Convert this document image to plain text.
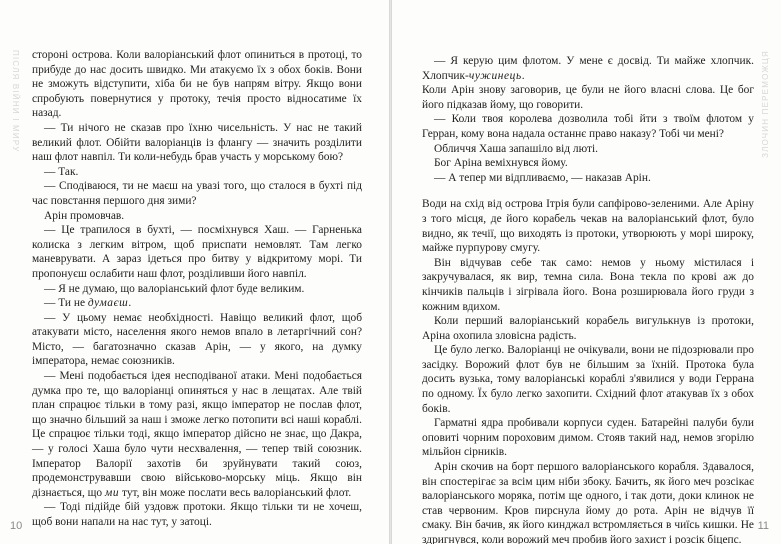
ПІСЛЯ ВІЙНИ І МИРУ стороні острова. Коли валоріанський флот опиниться в протоці, то прибуде до нас досить швидко. Ми атакуємо їх з обох боків. Вони не зможуть відступити, хіба би не був напрям вітру. Якщо вони спробують повернутися у протоку, течія просто відносатиме їх назад.

— Ти нічого не сказав про їхню чисельність. У нас не такий великий флот. Обійти валоріанців із флангу — значить розділити наш флот навпіл. Ти коли-небудь брав участь у морському бою?

— Так.

— Сподіваюся, ти не маєш на увазі того, що сталося в бухті під час повстання першого дня зими?

Арін промовчав.

— Це трапилося в бухті, — посміхнувся Хаш. — Гарненька колиска з легким вітром, щоб приспати немовлят. Там легко маневрувати. А зараз ідеться про битву у відкритому морі. Ти пропонуєш ослабити наш флот, розділивши його навпіл.

— Я не думаю, що валоріанський флот буде великим.

— Ти не думаєш.

— У цьому немає необхідності. Навіщо великий флот, щоб атакувати місто, населення якого немов впало в летаргічний сон? Місто, — багатозначно сказав Арін, — у якого, на думку імператора, немає союзників.

— Мені подобається ідея несподіваної атаки. Мені подобається думка про те, що валоріанці опиняться у нас в лещатах. Але твій план спрацює тільки в тому разі, якщо імператор не послав флот, що значно більший за наш і зможе легко потопити всі наші кораблі. Це спрацює тільки тоді, якщо імператор дійсно не знає, що Дакра, — у голосі Хаша було чути несхвалення, — тепер твій союзник. Імператор Валорії захотів би зруйнувати такий союз, продемонструвавши свою військово-морську міць. Якщо він дізнається, що ми тут, він може послати весь валоріанський флот.

— Тоді підійде бій уздовж протоки. Якщо тільки ти не хочеш, щоб вони напали на нас тут, у затоці.

10
ЗЛОЧИН ПЕРЕМОЖЦЯ

— Я керую цим флотом. У мене є досвід. Ти майже хлопчик. Хлопчик-чужинець.

Коли Арін знову заговорив, це були не його власні слова. Це бог його підказав йому, що говорити.

— Коли твоя королева дозволила тобі йти з твоїм флотом у Герран, кому вона надала останнє право наказу? Тобі чи мені?

Обличчя Хаша запашіло від люті.

Бог Аріна веміхнувся йому.

— А тепер ми відпливаємо, — наказав Арін.

Води на схід від острова Ітрія були сапфірово-зеленими. Але Аріну з того місця, де його корабель чекав на валоріанський флот, було видно, як течії, що виходять із протоки, утворюють у морі широку, майже пурпурову смугу.

Він відчував себе так само: немов у ньому містилася і закручувалася, як вир, темна сила. Вона текла по крові аж до кінчиків пальців і зігрівала його. Вона розширювала його груди з кожним вдихом.

Коли перший валоріанський корабель вигулькнув із протоки, Аріна охопила зловісна радість.

Це було легко. Валоріанці не очікували, вони не підозрювали про засідку. Ворожий флот був не більшим за їхній. Протока була досить вузька, тому валоріанські кораблі з'явилися у води Геррана по одному. Їх було легко захопити. Східний флот атакував їх з обох боків.

Гарматні ядра пробивали корпуси суден. Батарейні палуби були оповиті чорним пороховим димом. Стояв такий над, немов згорілю мільйон сірників.

Арін скочив на борт першого валоріанського корабля. Здавалося, він спостерігає за всім цим ніби збоку. Бачить, як його меч розсікає валоріанського моряка, потім ще одного, і так доти, доки клинок не став червоним. Кров пирснула йому до рота. Арін не відчув її смаку. Він бачив, як його кинджал встромляється в чиїсь кишки. Не здригнувся, коли ворожий меч пробив його захист і розсік біцепс.

11
